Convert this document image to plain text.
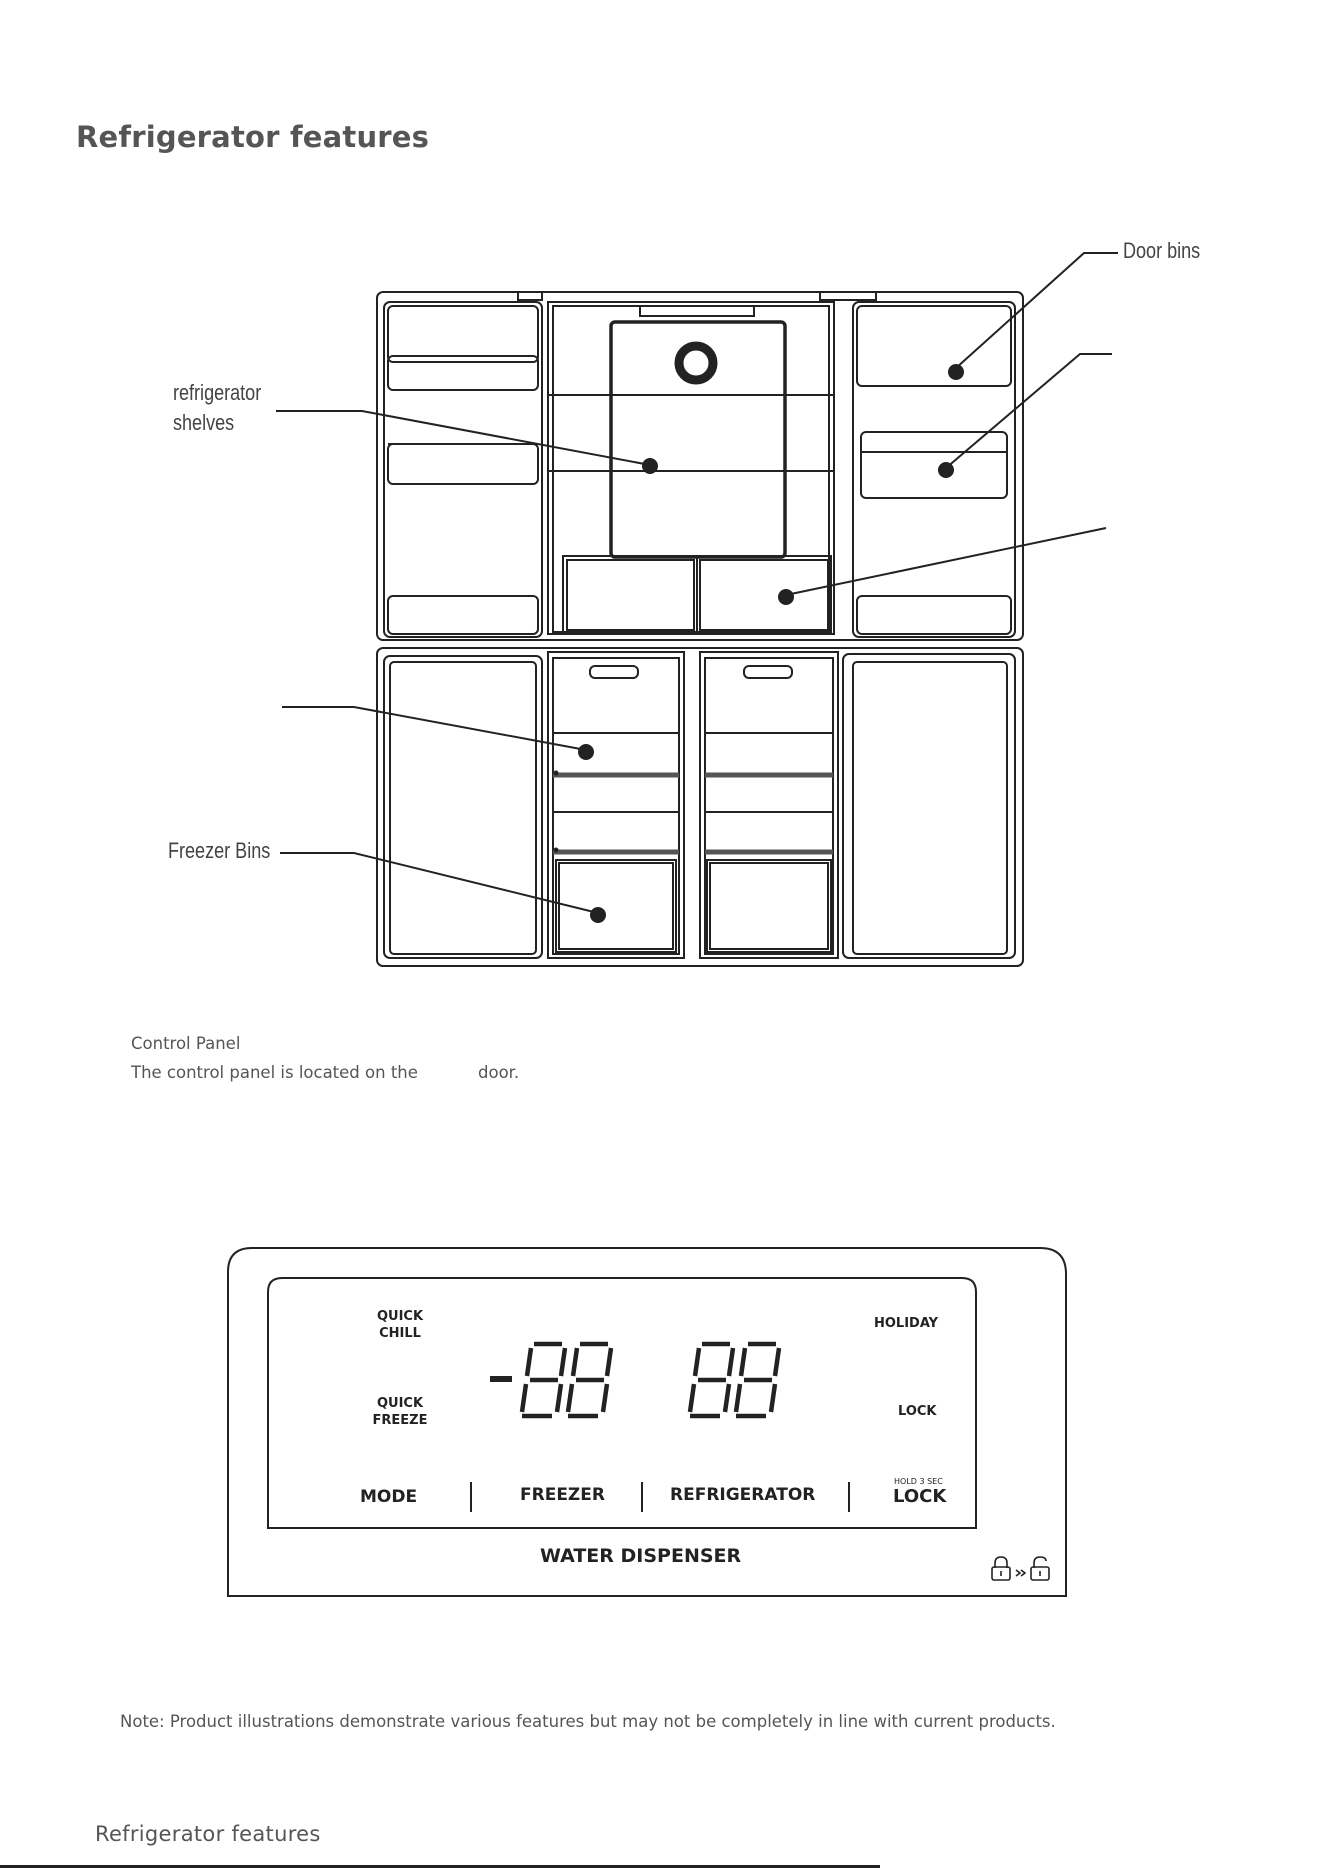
Refrigerator features
Door bins
refrigerator
shelves
Freezer Bins
Control Panel
The control panel is located on the	door.
QUICK
CHILL
QUICK
FREEZE
HOLIDAY
LOCK
MODE	FREEZER	REFRIGERATOR
HOLD 3 SEC
LOCK
WATER DISPENSER
Note: Product illustrations demonstrate various features but may not be completely in line with current products.
Refrigerator features
